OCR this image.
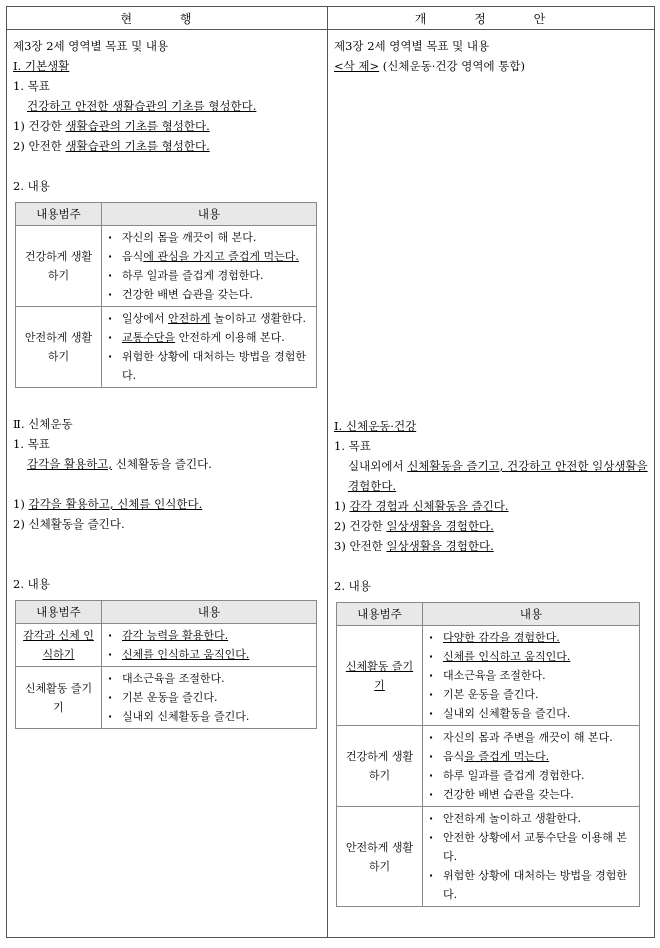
현 행	개 정 안

제3장 2세 영역별 목표 및 내용
Ⅰ. 기본생활
1. 목표
건강하고 안전한 생활습관의 기초를 형성한다.
1) 건강한 생활습관의 기초를 형성한다.
2) 안전한 생활습관의 기초를 형성한다.
2. 내용
내용범주	내용
건강하게 생활하기	
· 자신의 몸을 깨끗이 해 본다.
· 음식에 관심을 가지고 즐겁게 먹는다.
· 하루 일과를 즐겁게 경험한다.
· 건강한 배변 습관을 갖는다.

안전하게 생활하기	
· 일상에서 안전하게 놀이하고 생활한다.
· 교통수단을 안전하게 이용해 본다.
· 위험한 상황에 대처하는 방법을 경험한다.
Ⅱ. 신체운동
1. 목표
감각을 활용하고, 신체활동을 즐긴다.
1) 감각을 활용하고, 신체를 인식한다.
2) 신체활동을 즐긴다.
2. 내용
내용범주	내용
감각과 신체 인식하기	
· 감각 능력을 활용한다.
· 신체를 인식하고 움직인다.

신체활동 즐기기	
· 대소근육을 조절한다.
· 기본 운동을 즐긴다.
· 실내외 신체활동을 즐긴다.

제3장 2세 영역별 목표 및 내용
<삭 제> (신체운동·건강 영역에 통합)
Ⅰ. 신체운동·건강
1. 목표
실내외에서 신체활동을 즐기고, 건강하고 안전한 일상생활을 경험한다.
1) 감각 경험과 신체활동을 즐긴다.
2) 건강한 일상생활을 경험한다.
3) 안전한 일상생활을 경험한다.
2. 내용
내용범주	내용
신체활동 즐기기	
· 다양한 감각을 경험한다.
· 신체를 인식하고 움직인다.
· 대소근육을 조절한다.
· 기본 운동을 즐긴다.
· 실내외 신체활동을 즐긴다.

건강하게 생활하기	
· 자신의 몸과 주변을 깨끗이 해 본다.
· 음식을 즐겁게 먹는다.
· 하루 일과를 즐겁게 경험한다.
· 건강한 배변 습관을 갖는다.

안전하게 생활하기	
· 안전하게 놀이하고 생활한다.
· 안전한 상황에서 교통수단을 이용해 본다.
· 위험한 상황에 대처하는 방법을 경험한다.
